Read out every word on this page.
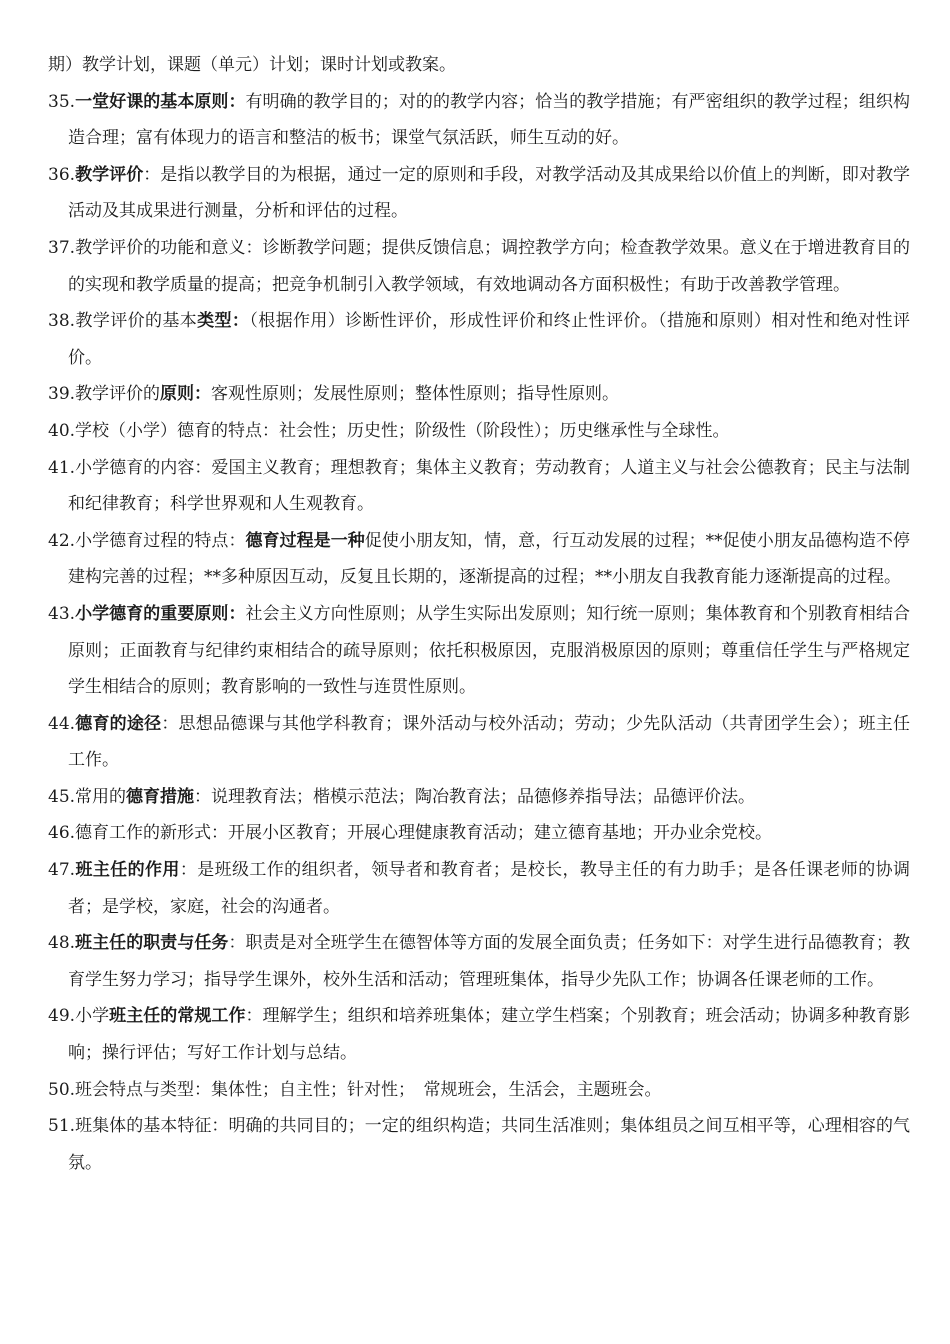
期）教学计划，课题（单元）计划；课时计划或教案。

35.一堂好课的基本原则：有明确的教学目的；对的的教学内容；恰当的教学措施；有严密组织的教学过程；组织构造合理；富有体现力的语言和整洁的板书；课堂气氛活跃，师生互动的好。

36.教学评价：是指以教学目的为根据，通过一定的原则和手段，对教学活动及其成果给以价值上的判断，即对教学活动及其成果进行测量，分析和评估的过程。

37.教学评价的功能和意义：诊断教学问题；提供反馈信息；调控教学方向；检查教学效果。意义在于增进教育目的的实现和教学质量的提高；把竞争机制引入教学领域，有效地调动各方面积极性；有助于改善教学管理。

38.教学评价的基本类型：（根据作用）诊断性评价，形成性评价和终止性评价。（措施和原则）相对性和绝对性评价。

39.教学评价的原则：客观性原则；发展性原则；整体性原则；指导性原则。

40.学校（小学）德育的特点：社会性；历史性；阶级性（阶段性）；历史继承性与全球性。

41.小学德育的内容：爱国主义教育；理想教育；集体主义教育；劳动教育；人道主义与社会公德教育；民主与法制和纪律教育；科学世界观和人生观教育。

42.小学德育过程的特点：德育过程是一种促使小朋友知，情，意，行互动发展的过程；**促使小朋友品德构造不停建构完善的过程；**多种原因互动，反复且长期的，逐渐提高的过程；**小朋友自我教育能力逐渐提高的过程。

43.小学德育的重要原则：社会主义方向性原则；从学生实际出发原则；知行统一原则；集体教育和个别教育相结合原则；正面教育与纪律约束相结合的疏导原则；依托积极原因，克服消极原因的原则；尊重信任学生与严格规定学生相结合的原则；教育影响的一致性与连贯性原则。

44.德育的途径：思想品德课与其他学科教育；课外活动与校外活动；劳动；少先队活动（共青团学生会）；班主任工作。

45.常用的德育措施：说理教育法；楷模示范法；陶冶教育法；品德修养指导法；品德评价法。

46.德育工作的新形式：开展小区教育；开展心理健康教育活动；建立德育基地；开办业余党校。

47.班主任的作用：是班级工作的组织者，领导者和教育者；是校长，教导主任的有力助手；是各任课老师的协调者；是学校，家庭，社会的沟通者。

48.班主任的职责与任务：职责是对全班学生在德智体等方面的发展全面负责；任务如下：对学生进行品德教育；教育学生努力学习；指导学生课外，校外生活和活动；管理班集体，指导少先队工作；协调各任课老师的工作。

49.小学班主任的常规工作：理解学生；组织和培养班集体；建立学生档案；个别教育；班会活动；协调多种教育影响；操行评估；写好工作计划与总结。

50.班会特点与类型：集体性；自主性；针对性；　常规班会，生活会，主题班会。

51.班集体的基本特征：明确的共同目的；一定的组织构造；共同生活准则；集体组员之间互相平等，心理相容的气氛。
